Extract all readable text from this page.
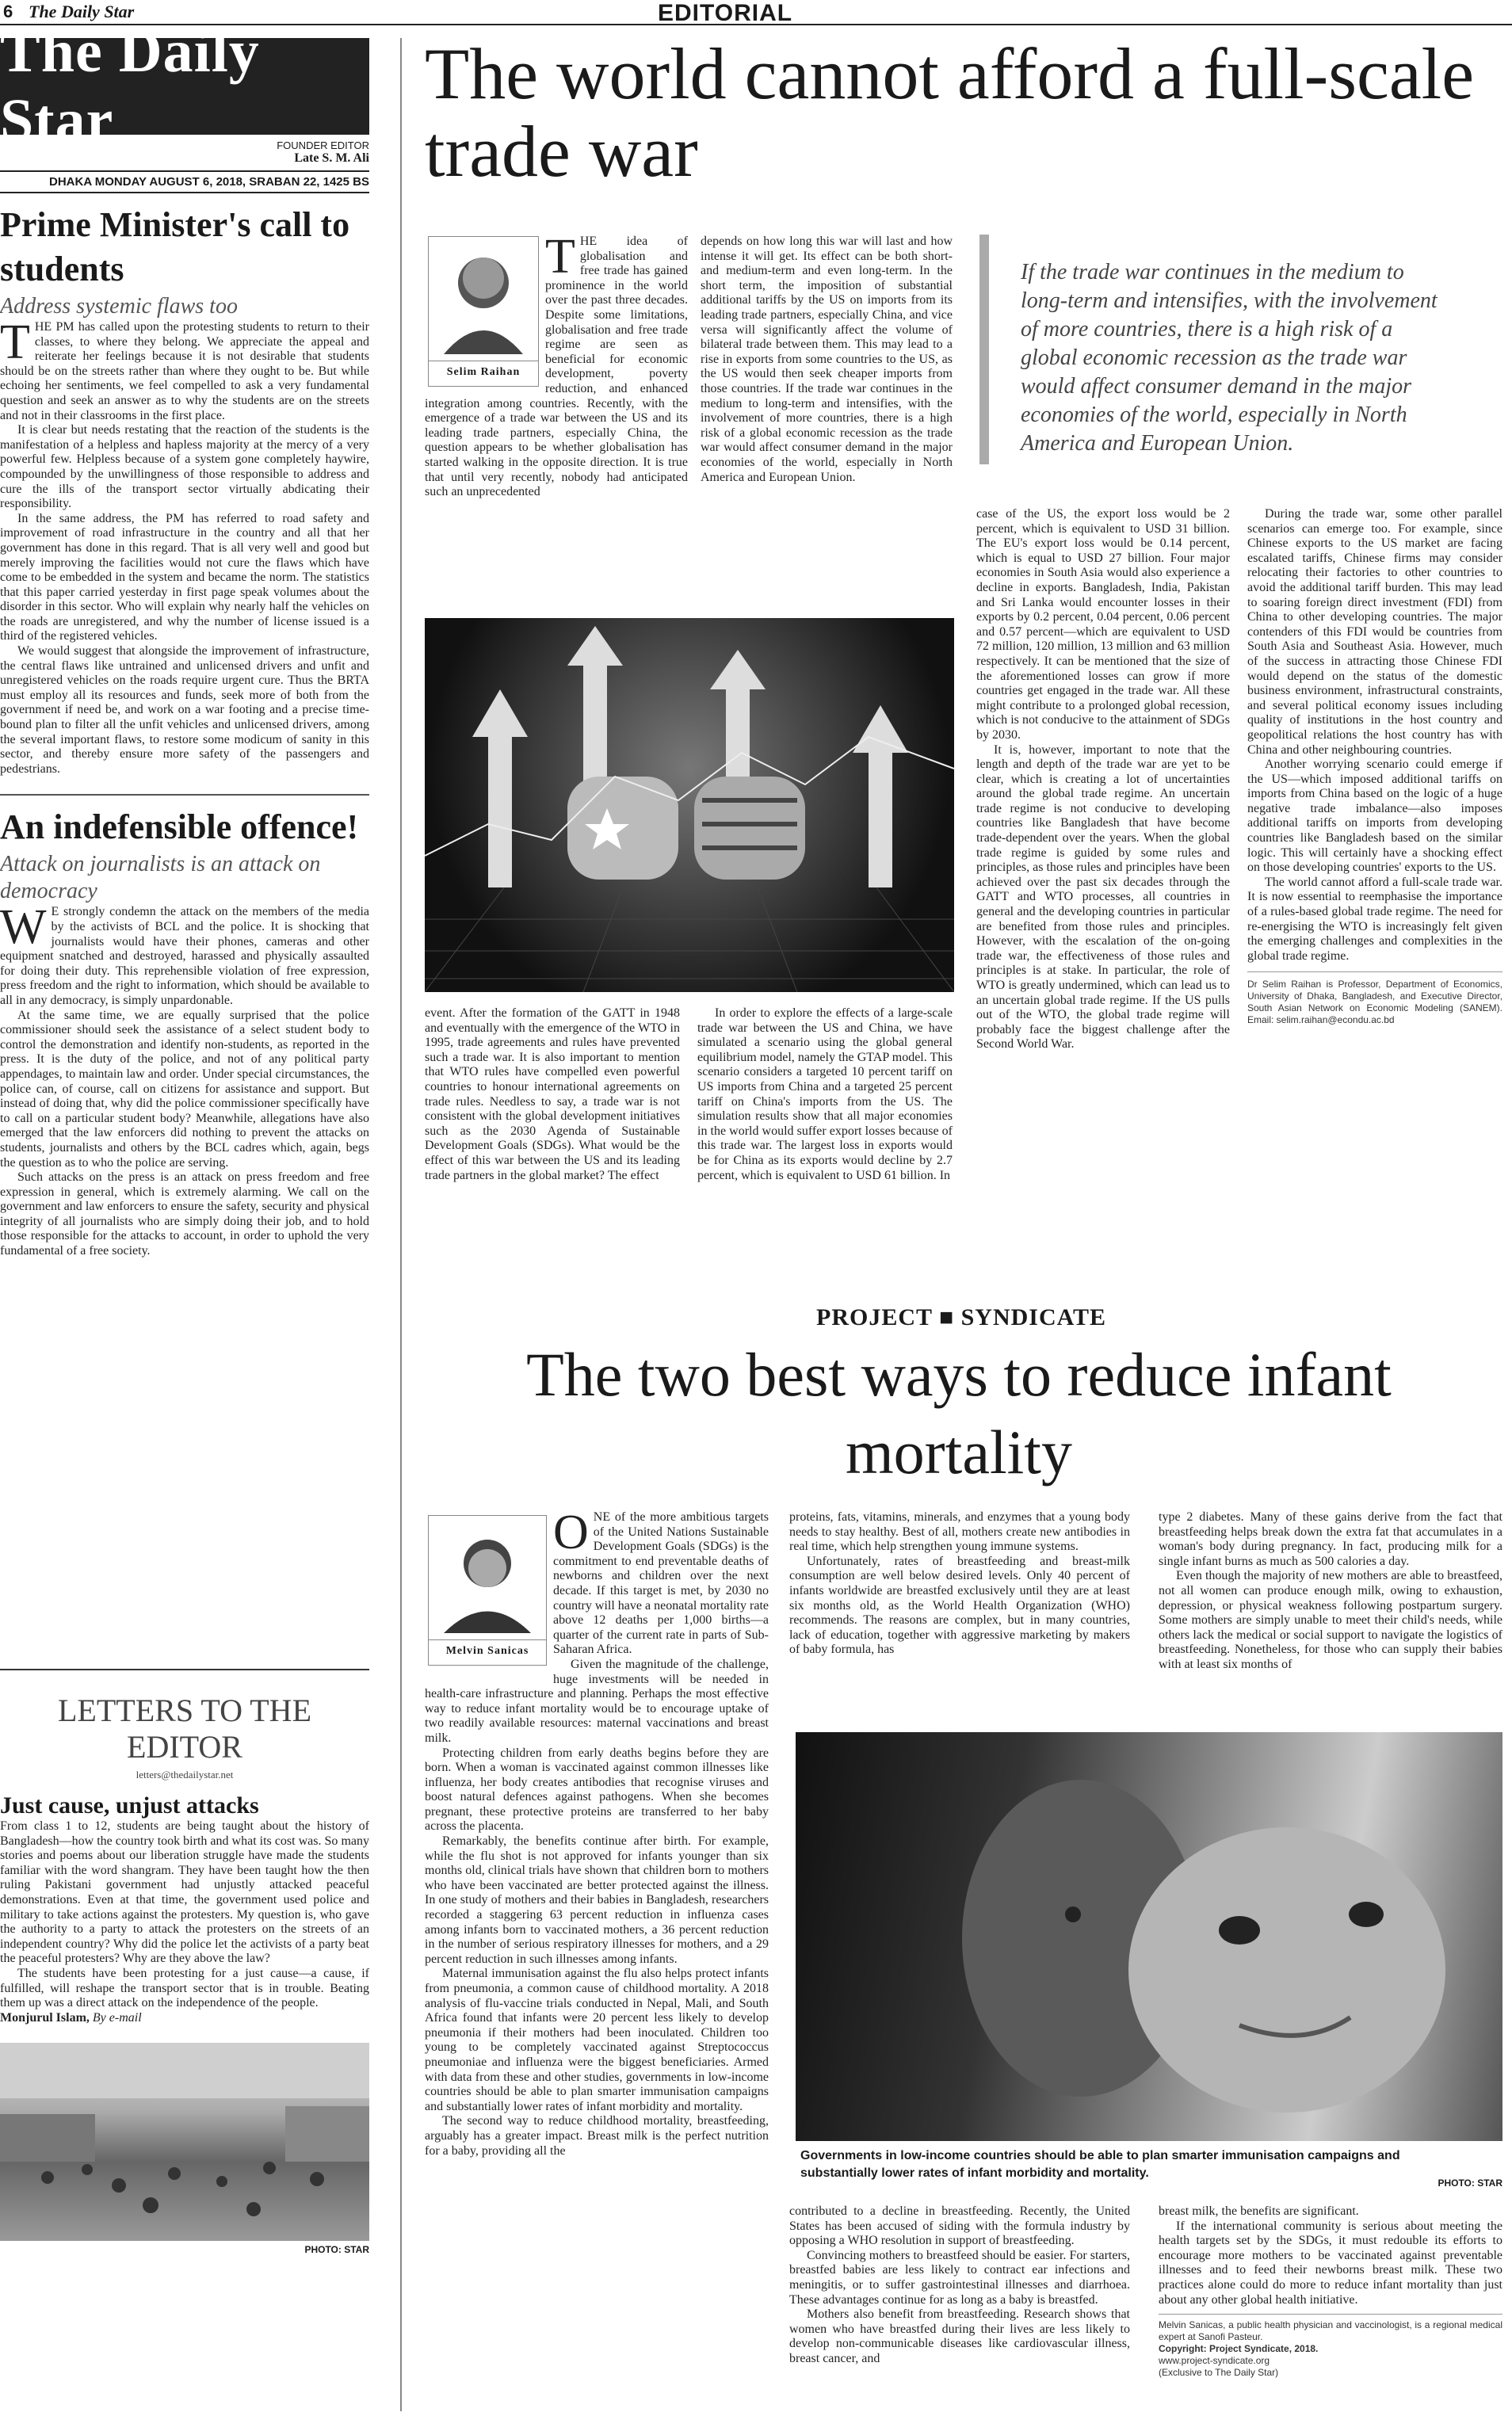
6 The Daily Star	EDITORIAL
The Daily Star	FOUNDER EDITOR
Late S. M. Ali
DHAKA MONDAY AUGUST 6, 2018, SRABAN 22, 1425 BS
Prime Minister's call to students
Address systemic flaws too

THE PM has called upon the protesting students to return to their classes, to where they belong. We appreciate the appeal and reiterate her feelings because it is not desirable that students should be on the streets rather than where they ought to be. But while echoing her sentiments, we feel compelled to ask a very fundamental question and seek an answer as to why the students are on the streets and not in their classrooms in the first place.

It is clear but needs restating that the reaction of the students is the manifestation of a helpless and hapless majority at the mercy of a very powerful few. Helpless because of a system gone completely haywire, compounded by the unwillingness of those responsible to address and cure the ills of the transport sector virtually abdicating their responsibility.

In the same address, the PM has referred to road safety and improvement of road infrastructure in the country and all that her government has done in this regard. That is all very well and good but merely improving the facilities would not cure the flaws which have come to be embedded in the system and became the norm. The statistics that this paper carried yesterday in first page speak volumes about the disorder in this sector. Who will explain why nearly half the vehicles on the roads are unregistered, and why the number of license issued is a third of the registered vehicles.

We would suggest that alongside the improvement of infrastructure, the central flaws like untrained and unlicensed drivers and unfit and unregistered vehicles on the roads require urgent cure. Thus the BRTA must employ all its resources and funds, seek more of both from the government if need be, and work on a war footing and a precise time-bound plan to filter all the unfit vehicles and unlicensed drivers, among the several important flaws, to restore some modicum of sanity in this sector, and thereby ensure more safety of the passengers and pedestrians.

An indefensible offence!
Attack on journalists is an attack on democracy

W E strongly condemn the attack on the members of the media by the activists of BCL and the police. It is shocking that journalists would have their phones, cameras and other equipment snatched and destroyed, harassed and physically assaulted for doing their duty. This reprehensible violation of free expression, press freedom and the right to information, which should be available to all in any democracy, is simply unpardonable.

At the same time, we are equally surprised that the police commissioner should seek the assistance of a select student body to control the demonstration and identify non-students, as reported in the press. It is the duty of the police, and not of any political party appendages, to maintain law and order. Under special circumstances, the police can, of course, call on citizens for assistance and support. But instead of doing that, why did the police commissioner specifically have to call on a particular student body? Meanwhile, allegations have also emerged that the law enforcers did nothing to prevent the attacks on students, journalists and others by the BCL cadres which, again, begs the question as to who the police are serving.

Such attacks on the press is an attack on press freedom and free expression in general, which is extremely alarming. We call on the government and law enforcers to ensure the safety, security and physical integrity of all journalists who are simply doing their job, and to hold those responsible for the attacks to account, in order to uphold the very fundamental of a free society.

LETTERS TO THE EDITOR
letters@thedailystar.net
Just cause, unjust attacks

From class 1 to 12, students are being taught about the history of Bangladesh—how the country took birth and what its cost was. So many stories and poems about our liberation struggle have made the students familiar with the word shangram. They have been taught how the then ruling Pakistani government had unjustly attacked peaceful demonstrations. Even at that time, the government used police and military to take actions against the protesters. My question is, who gave the authority to a party to attack the protesters on the streets of an independent country? Why did the police let the activists of a party beat the peaceful protesters? Why are they above the law?

The students have been protesting for a just cause—a cause, if fulfilled, will reshape the transport sector that is in trouble. Beating them up was a direct attack on the independence of the people.

Monjurul Islam, By e-mail

PHOTO: STAR
The world cannot afford a full-scale trade war
Selim Raihan

THE idea of globalisation and free trade has gained prominence in the world over the past three decades. Despite some limitations, globalisation and free trade regime are seen as beneficial for economic development, poverty reduction, and enhanced integration among countries. Recently, with the emergence of a trade war between the US and its leading trade partners, especially China, the question appears to be whether globalisation has started walking in the opposite direction. It is true that until very recently, nobody had anticipated such an unprecedented

depends on how long this war will last and how intense it will get. Its effect can be both short- and medium-term and even long-term. In the short term, the imposition of substantial additional tariffs by the US on imports from its leading trade partners, especially China, and vice versa will significantly affect the volume of bilateral trade between them. This may lead to a rise in exports from some countries to the US, as the US would then seek cheaper imports from those countries. If the trade war continues in the medium to long-term and intensifies, with the involvement of more countries, there is a high risk of a global economic recession as the trade war would affect consumer demand in the major economies of the world, especially in North America and European Union.

If the trade war continues in the medium to long-term and intensifies, with the involvement of more countries, there is a high risk of a global economic recession as the trade war would affect consumer demand in the major economies of the world, especially in North America and European Union.

event. After the formation of the GATT in 1948 and eventually with the emergence of the WTO in 1995, trade agreements and rules have prevented such a trade war. It is also important to mention that WTO rules have compelled even powerful countries to honour international agreements on trade rules. Needless to say, a trade war is not consistent with the global development initiatives such as the 2030 Agenda of Sustainable Development Goals (SDGs). What would be the effect of this war between the US and its leading trade partners in the global market? The effect

In order to explore the effects of a large-scale trade war between the US and China, we have simulated a scenario using the global general equilibrium model, namely the GTAP model. This scenario considers a targeted 10 percent tariff on US imports from China and a targeted 25 percent tariff on China's imports from the US. The simulation results show that all major economies in the world would suffer export losses because of this trade war. The largest loss in exports would be for China as its exports would decline by 2.7 percent, which is equivalent to USD 61 billion. In

case of the US, the export loss would be 2 percent, which is equivalent to USD 31 billion. The EU's export loss would be 0.14 percent, which is equal to USD 27 billion. Four major economies in South Asia would also experience a decline in exports. Bangladesh, India, Pakistan and Sri Lanka would encounter losses in their exports by 0.2 percent, 0.04 percent, 0.06 percent and 0.57 percent—which are equivalent to USD 72 million, 120 million, 13 million and 63 million respectively. It can be mentioned that the size of the aforementioned losses can grow if more countries get engaged in the trade war. All these might contribute to a prolonged global recession, which is not conducive to the attainment of SDGs by 2030.

It is, however, important to note that the length and depth of the trade war are yet to be clear, which is creating a lot of uncertainties around the global trade regime. An uncertain trade regime is not conducive to developing countries like Bangladesh that have become trade-dependent over the years. When the global trade regime is guided by some rules and principles, as those rules and principles have been achieved over the past six decades through the GATT and WTO processes, all countries in general and the developing countries in particular are benefited from those rules and principles. However, with the escalation of the on-going trade war, the effectiveness of those rules and principles is at stake. In particular, the role of WTO is greatly undermined, which can lead us to an uncertain global trade regime. If the US pulls out of the WTO, the global trade regime will probably face the biggest challenge after the Second World War.

During the trade war, some other parallel scenarios can emerge too. For example, since Chinese exports to the US market are facing escalated tariffs, Chinese firms may consider relocating their factories to other countries to avoid the additional tariff burden. This may lead to soaring foreign direct investment (FDI) from China to other developing countries. The major contenders of this FDI would be countries from South Asia and Southeast Asia. However, much of the success in attracting those Chinese FDI would depend on the status of the domestic business environment, infrastructural constraints, and several political economy issues including quality of institutions in the host country and geopolitical relations the host country has with China and other neighbouring countries.

Another worrying scenario could emerge if the US—which imposed additional tariffs on imports from China based on the logic of a huge negative trade imbalance—also imposes additional tariffs on imports from developing countries like Bangladesh based on the similar logic. This will certainly have a shocking effect on those developing countries' exports to the US.

The world cannot afford a full-scale trade war. It is now essential to reemphasise the importance of a rules-based global trade regime. The need for re-energising the WTO is increasingly felt given the emerging challenges and complexities in the global trade regime.

Dr Selim Raihan is Professor, Department of Economics, University of Dhaka, Bangladesh, and Executive Director, South Asian Network on Economic Modeling (SANEM). Email: selim.raihan@econdu.ac.bd
PROJECT ■ SYNDICATE
The two best ways to reduce infant mortality
Melvin Sanicas

ONE of the more ambitious targets of the United Nations Sustainable Development Goals (SDGs) is the commitment to end preventable deaths of newborns and children over the next decade. If this target is met, by 2030 no country will have a neonatal mortality rate above 12 deaths per 1,000 births—a quarter of the current rate in parts of Sub-Saharan Africa.

Given the magnitude of the challenge, huge investments will be needed in health-care infrastructure and planning. Perhaps the most effective way to reduce infant mortality would be to encourage uptake of two readily available resources: maternal vaccinations and breast milk.

Protecting children from early deaths begins before they are born. When a woman is vaccinated against common illnesses like influenza, her body creates antibodies that recognise viruses and boost natural defences against pathogens. When she becomes pregnant, these protective proteins are transferred to her baby across the placenta.

Remarkably, the benefits continue after birth. For example, while the flu shot is not approved for infants younger than six months old, clinical trials have shown that children born to mothers who have been vaccinated are better protected against the illness. In one study of mothers and their babies in Bangladesh, researchers recorded a staggering 63 percent reduction in influenza cases among infants born to vaccinated mothers, a 36 percent reduction in the number of serious respiratory illnesses for mothers, and a 29 percent reduction in such illnesses among infants.

Maternal immunisation against the flu also helps protect infants from pneumonia, a common cause of childhood mortality. A 2018 analysis of flu-vaccine trials conducted in Nepal, Mali, and South Africa found that infants were 20 percent less likely to develop pneumonia if their mothers had been inoculated. Children too young to be completely vaccinated against Streptococcus pneumoniae and influenza were the biggest beneficiaries. Armed with data from these and other studies, governments in low-income countries should be able to plan smarter immunisation campaigns and substantially lower rates of infant morbidity and mortality.

The second way to reduce childhood mortality, breastfeeding, arguably has a greater impact. Breast milk is the perfect nutrition for a baby, providing all the

proteins, fats, vitamins, minerals, and enzymes that a young body needs to stay healthy. Best of all, mothers create new antibodies in real time, which help strengthen young immune systems.

Unfortunately, rates of breastfeeding and breast-milk consumption are well below desired levels. Only 40 percent of infants worldwide are breastfed exclusively until they are at least six months old, as the World Health Organization (WHO) recommends. The reasons are complex, but in many countries, lack of education, together with aggressive marketing by makers of baby formula, has

type 2 diabetes. Many of these gains derive from the fact that breastfeeding helps break down the extra fat that accumulates in a woman's body during pregnancy. In fact, producing milk for a single infant burns as much as 500 calories a day.

Even though the majority of new mothers are able to breastfeed, not all women can produce enough milk, owing to exhaustion, depression, or physical weakness following postpartum surgery. Some mothers are simply unable to meet their child's needs, while others lack the medical or social support to navigate the logistics of breastfeeding. Nonetheless, for those who can supply their babies with at least six months of

Governments in low-income countries should be able to plan smarter immunisation campaigns and substantially lower rates of infant morbidity and mortality.
PHOTO: STAR

contributed to a decline in breastfeeding. Recently, the United States has been accused of siding with the formula industry by opposing a WHO resolution in support of breastfeeding.

Convincing mothers to breastfeed should be easier. For starters, breastfed babies are less likely to contract ear infections and meningitis, or to suffer gastrointestinal illnesses and diarrhoea. These advantages continue for as long as a baby is breastfed.

Mothers also benefit from breastfeeding. Research shows that women who have breastfed during their lives are less likely to develop non-communicable diseases like cardiovascular illness, breast cancer, and

breast milk, the benefits are significant.

If the international community is serious about meeting the health targets set by the SDGs, it must redouble its efforts to encourage more mothers to be vaccinated against preventable illnesses and to feed their newborns breast milk. These two practices alone could do more to reduce infant mortality than just about any other global health initiative.

Melvin Sanicas, a public health physician and vaccinologist, is a regional medical expert at Sanofi Pasteur.
Copyright: Project Syndicate, 2018.
www.project-syndicate.org
(Exclusive to The Daily Star)
